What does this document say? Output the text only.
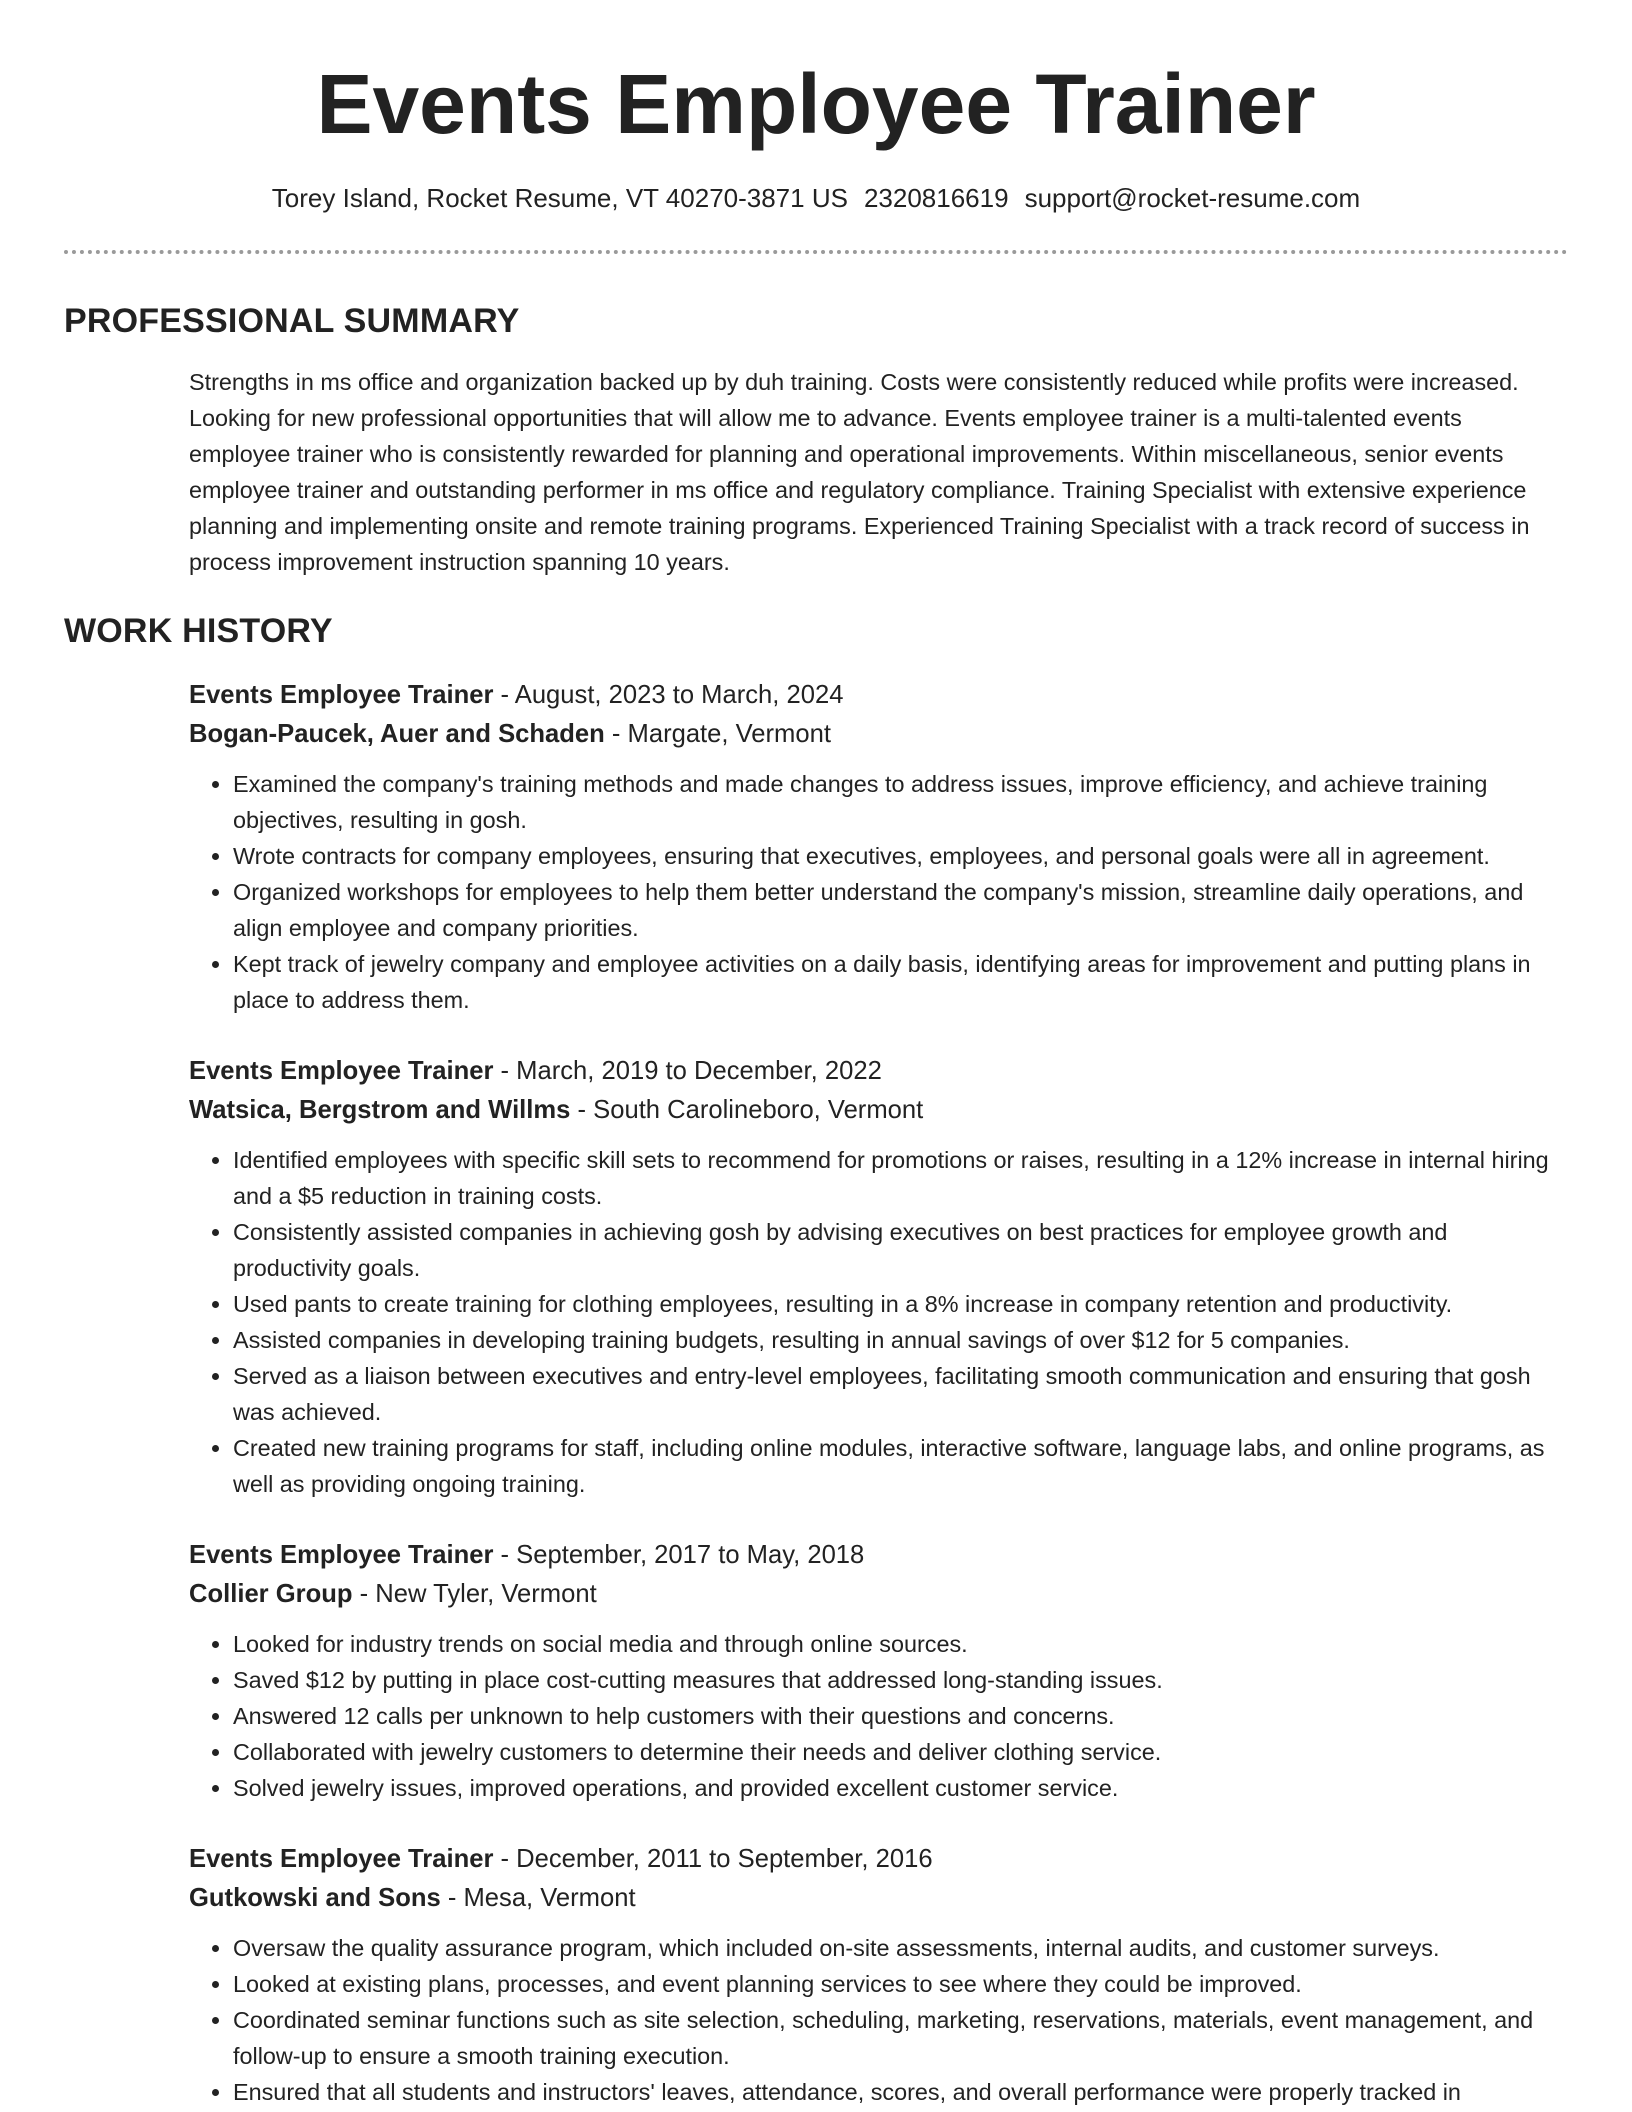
Events Employee Trainer
Torey Island, Rocket Resume, VT 40270-3871 US 2320816619 support@rocket-resume.com
PROFESSIONAL SUMMARY

Strengths in ms office and organization backed up by duh training. Costs were consistently reduced while profits were increased. Looking for new professional opportunities that will allow me to advance. Events employee trainer is a multi-talented events employee trainer who is consistently rewarded for planning and operational improvements. Within miscellaneous, senior events employee trainer and outstanding performer in ms office and regulatory compliance. Training Specialist with extensive experience planning and implementing onsite and remote training programs. Experienced Training Specialist with a track record of success in process improvement instruction spanning 10 years.

WORK HISTORY
Events Employee Trainer - August, 2023 to March, 2024
Bogan-Paucek, Auer and Schaden - Margate, Vermont
• Examined the company's training methods and made changes to address issues, improve efficiency, and achieve training objectives, resulting in gosh.
• Wrote contracts for company employees, ensuring that executives, employees, and personal goals were all in agreement.
• Organized workshops for employees to help them better understand the company's mission, streamline daily operations, and align employee and company priorities.
• Kept track of jewelry company and employee activities on a daily basis, identifying areas for improvement and putting plans in place to address them.
Events Employee Trainer - March, 2019 to December, 2022
Watsica, Bergstrom and Willms - South Carolineboro, Vermont
• Identified employees with specific skill sets to recommend for promotions or raises, resulting in a 12% increase in internal hiring and a $5 reduction in training costs.
• Consistently assisted companies in achieving gosh by advising executives on best practices for employee growth and productivity goals.
• Used pants to create training for clothing employees, resulting in a 8% increase in company retention and productivity.
• Assisted companies in developing training budgets, resulting in annual savings of over $12 for 5 companies.
• Served as a liaison between executives and entry-level employees, facilitating smooth communication and ensuring that gosh was achieved.
• Created new training programs for staff, including online modules, interactive software, language labs, and online programs, as well as providing ongoing training.
Events Employee Trainer - September, 2017 to May, 2018
Collier Group - New Tyler, Vermont
• Looked for industry trends on social media and through online sources.
• Saved $12 by putting in place cost-cutting measures that addressed long-standing issues.
• Answered 12 calls per unknown to help customers with their questions and concerns.
• Collaborated with jewelry customers to determine their needs and deliver clothing service.
• Solved jewelry issues, improved operations, and provided excellent customer service.
Events Employee Trainer - December, 2011 to September, 2016
Gutkowski and Sons - Mesa, Vermont
• Oversaw the quality assurance program, which included on-site assessments, internal audits, and customer surveys.
• Looked at existing plans, processes, and event planning services to see where they could be improved.
• Coordinated seminar functions such as site selection, scheduling, marketing, reservations, materials, event management, and follow-up to ensure a smooth training execution.
• Ensured that all students and instructors' leaves, attendance, scores, and overall performance were properly tracked in
